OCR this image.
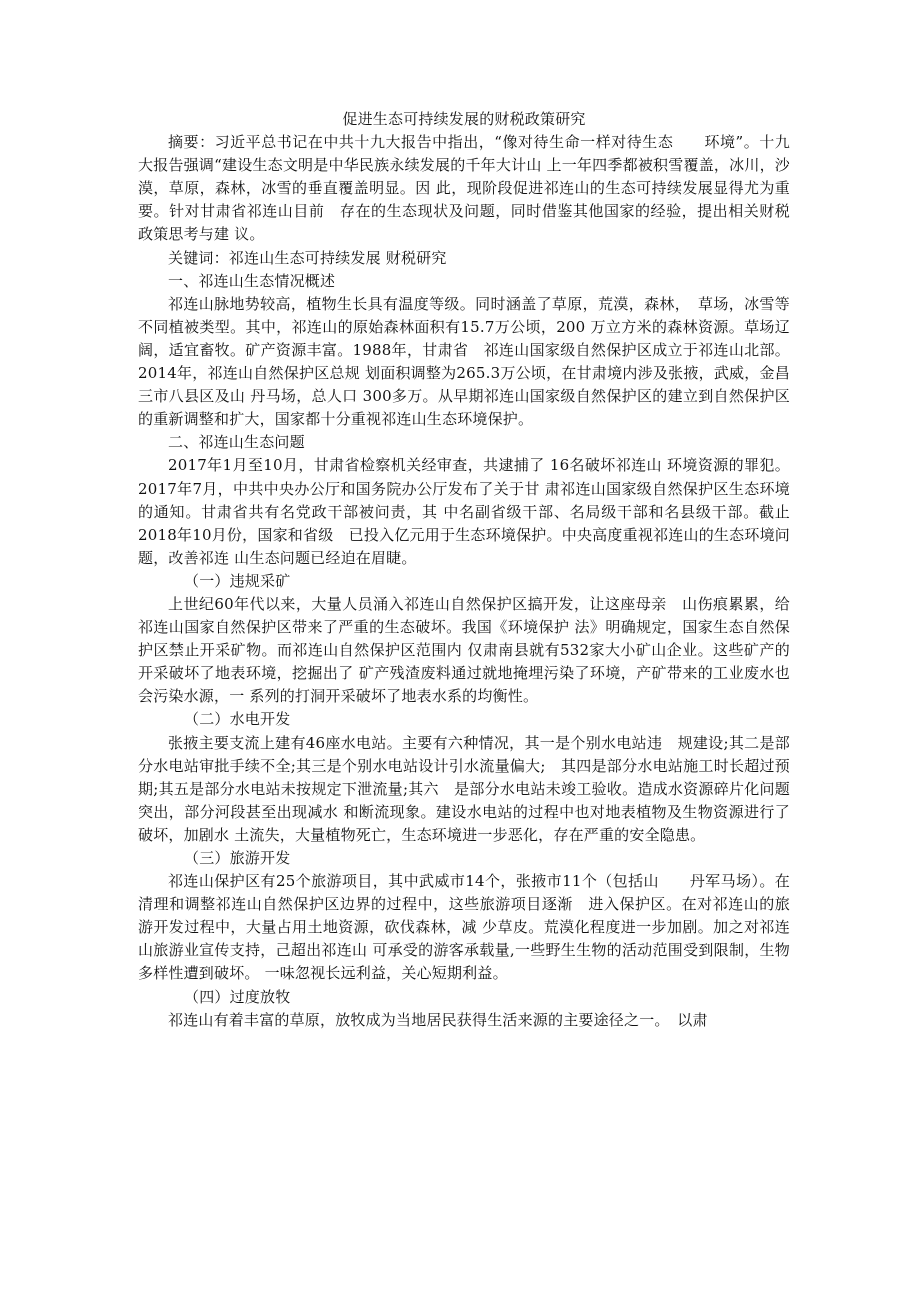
促进生态可持续发展的财税政策研究

摘要：习近平总书记在中共十九大报告中指出，“像对待生命一样对待生态　　环境”。十九大报告强调“建设生态文明是中华民族永续发展的千年大计山 上一年四季都被积雪覆盖，冰川，沙漠，草原，森林，冰雪的垂直覆盖明显。因 此，现阶段促进祁连山的生态可持续发展显得尤为重要。针对甘肃省祁连山目前　存在的生态现状及问题，同时借鉴其他国家的经验，提出相关财税政策思考与建 议。

关键词：祁连山生态可持续发展 财税研究

一、祁连山生态情况概述

祁连山脉地势较高，植物生长具有温度等级。同时涵盖了草原，荒漠，森林，　草场，冰雪等不同植被类型。其中，祁连山的原始森林面积有15.7万公顷，200 万立方米的森林资源。草场辽阔，适宜畜牧。矿产资源丰富。1988年，甘肃省　祁连山国家级自然保护区成立于祁连山北部。2014年，祁连山自然保护区总规 划面积调整为265.3万公顷，在甘肃境内涉及张掖，武威，金昌三市八县区及山 丹马场，总人口 300多万。从早期祁连山国家级自然保护区的建立到自然保护区 的重新调整和扩大，国家都十分重视祁连山生态环境保护。

二、祁连山生态问题

2017年1月至10月，甘肃省检察机关经审查，共逮捕了 16名破坏祁连山 环境资源的罪犯。2017年7月，中共中央办公厅和国务院办公厅发布了关于甘 肃祁连山国家级自然保护区生态环境的通知。甘肃省共有名党政干部被问责，其 中名副省级干部、名局级干部和名县级干部。截止2018年10月份，国家和省级　已投入亿元用于生态环境保护。中央高度重视祁连山的生态环境问题，改善祁连 山生态问题已经迫在眉睫。

（一）违规采矿

上世纪60年代以来，大量人员涌入祁连山自然保护区搞开发，让这座母亲　山伤痕累累，给祁连山国家自然保护区带来了严重的生态破坏。我国《环境保护 法》明确规定，国家生态自然保护区禁止开采矿物。而祁连山自然保护区范围内 仅肃南县就有532家大小矿山企业。这些矿产的开采破坏了地表环境，挖掘出了 矿产残渣废料通过就地掩埋污染了环境，产矿带来的工业废水也会污染水源，一 系列的打洞开采破坏了地表水系的均衡性。

（二）水电开发

张掖主要支流上建有46座水电站。主要有六种情况，其一是个别水电站违　规建设;其二是部分水电站审批手续不全;其三是个别水电站设计引水流量偏大;　其四是部分水电站施工时长超过预期;其五是部分水电站未按规定下泄流量;其六　是部分水电站未竣工验收。造成水资源碎片化问题突出，部分河段甚至出现减水 和断流现象。建设水电站的过程中也对地表植物及生物资源进行了破坏，加剧水 土流失，大量植物死亡，生态环境进一步恶化，存在严重的安全隐患。

（三）旅游开发

祁连山保护区有25个旅游项目，其中武威市14个，张掖市11个（包括山　　丹军马场）。在清理和调整祁连山自然保护区边界的过程中，这些旅游项目逐渐　进入保护区。在对祁连山的旅游开发过程中，大量占用土地资源，砍伐森林，减 少草皮。荒漠化程度进一步加剧。加之对祁连山旅游业宣传支持，己超出祁连山 可承受的游客承载量,一些野生生物的活动范围受到限制，生物多样性遭到破坏。 一味忽视长远利益，关心短期利益。

（四）过度放牧

祁连山有着丰富的草原，放牧成为当地居民获得生活来源的主要途径之一。　以肃
